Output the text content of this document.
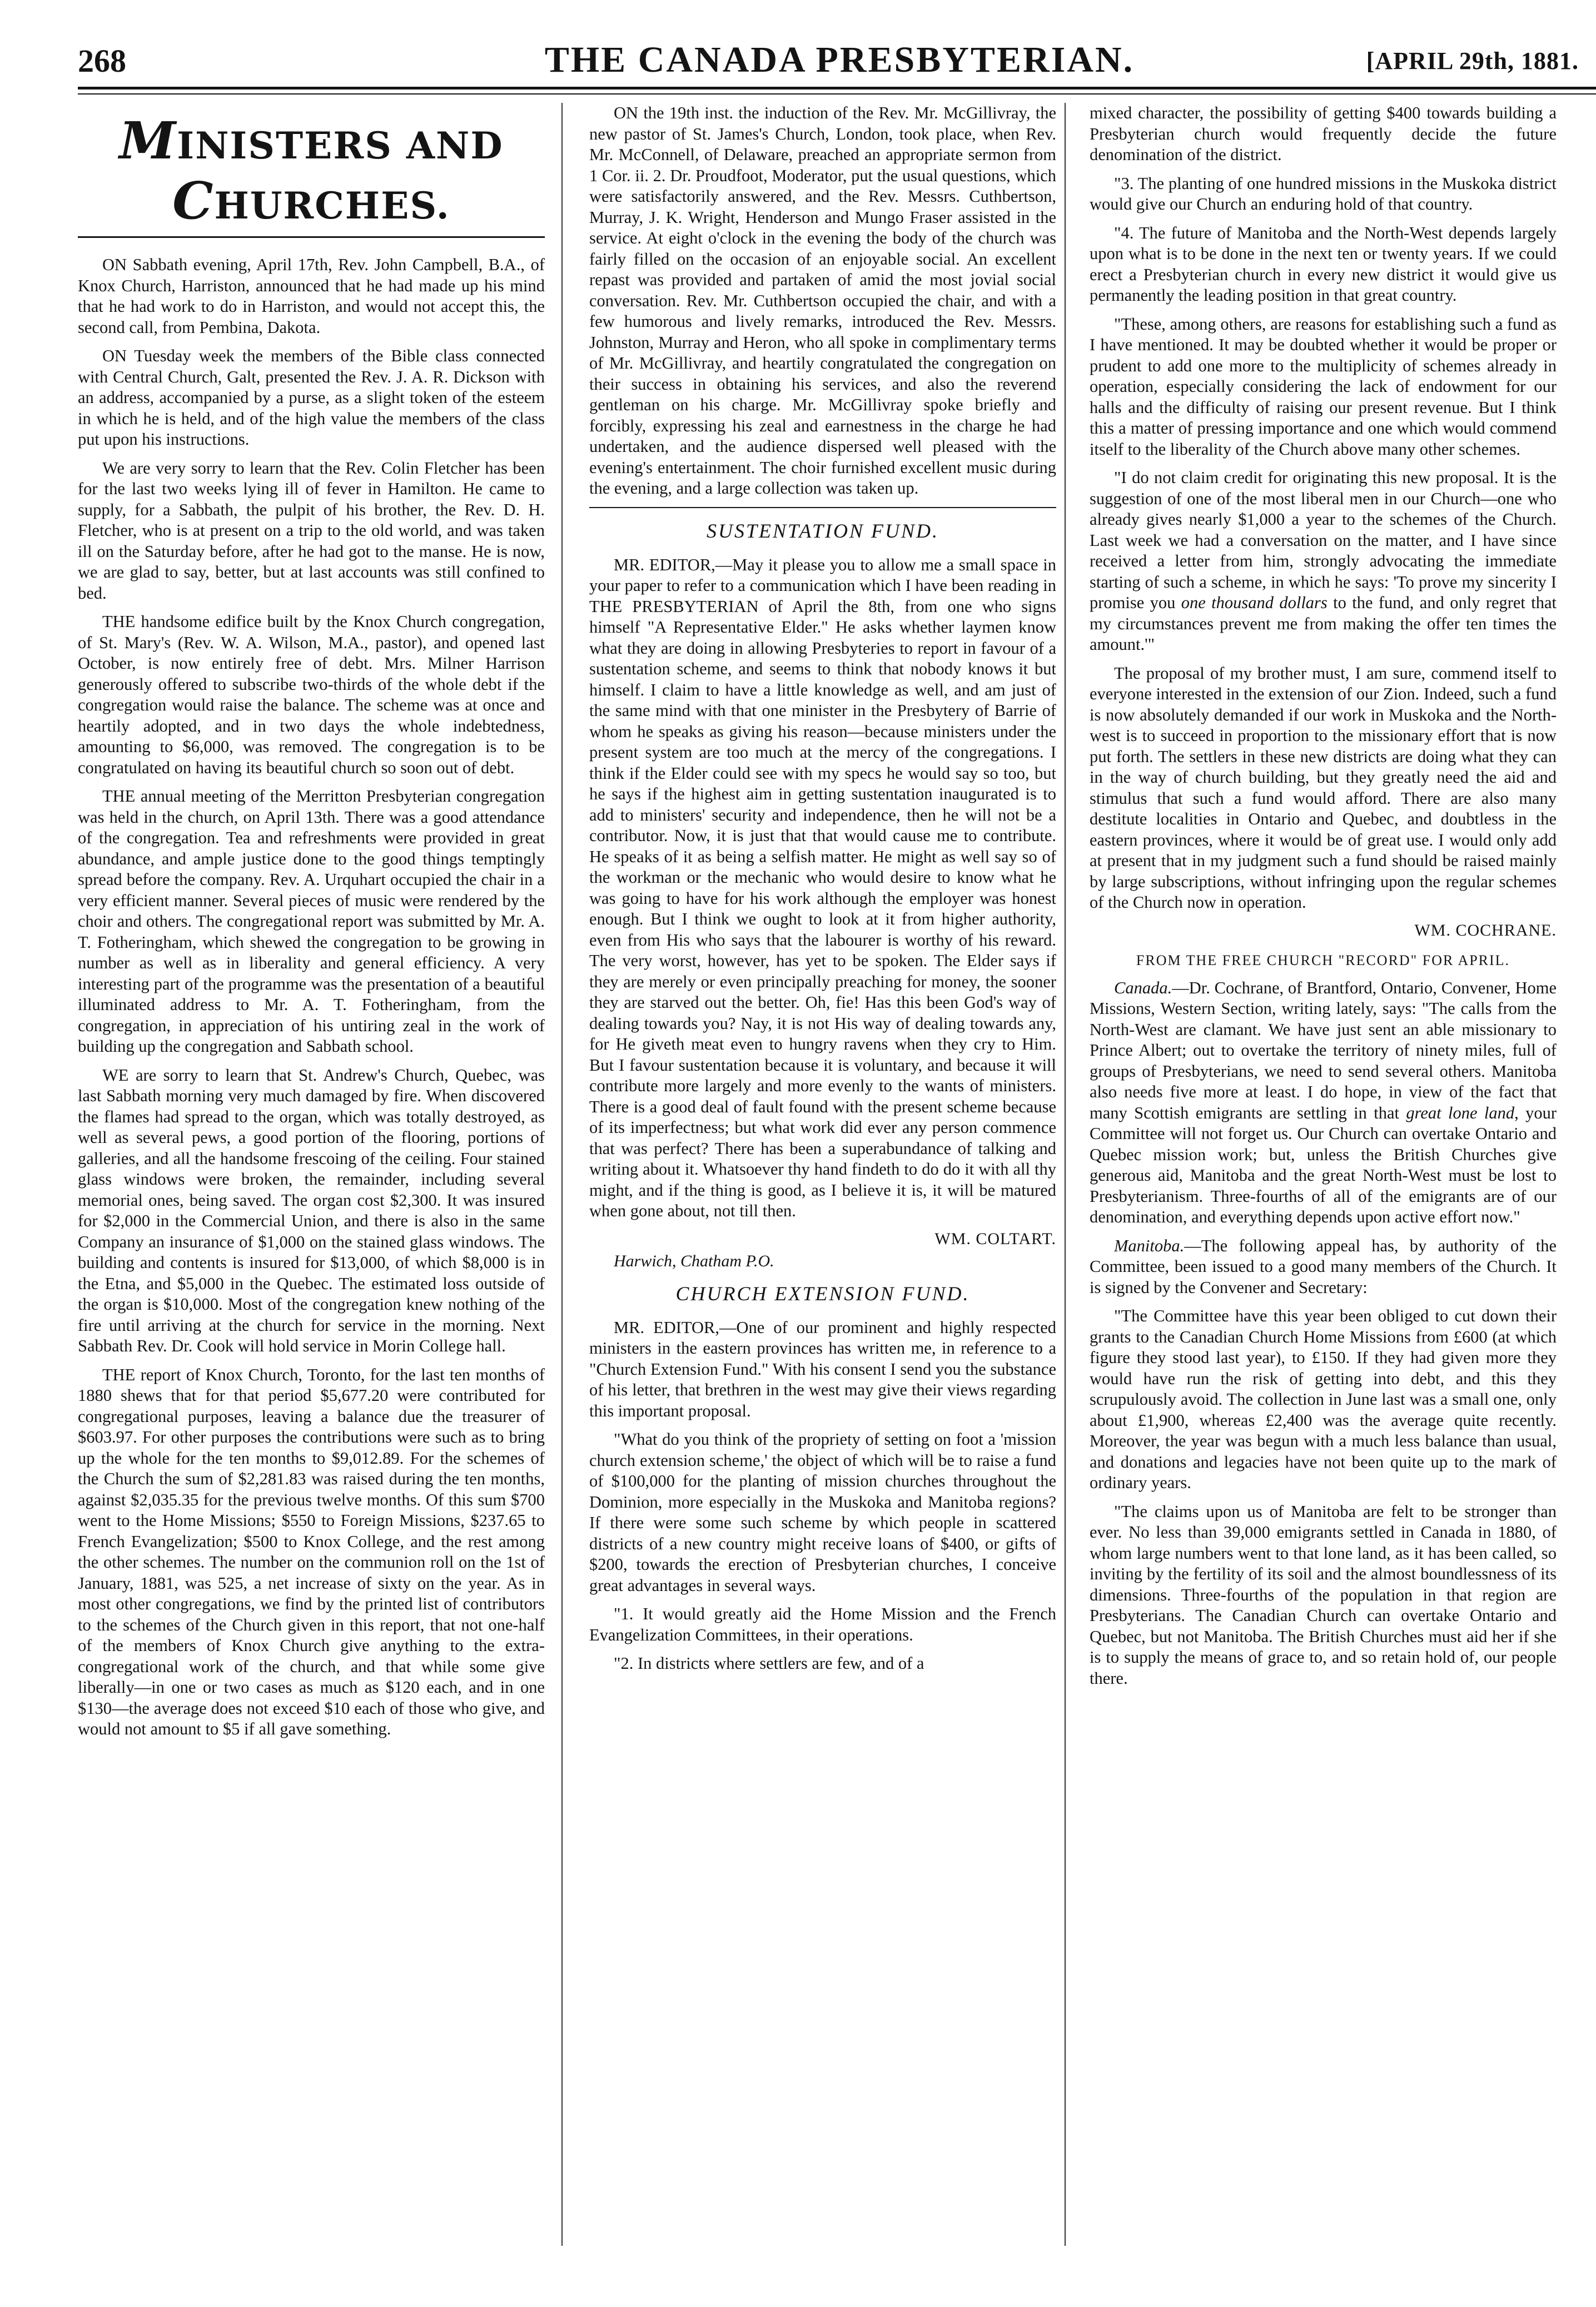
268	THE CANADA PRESBYTERIAN.	[APRIL 29th, 1881.
MINISTERS AND CHURCHES.

ON Sabbath evening, April 17th, Rev. John Campbell, B.A., of Knox Church, Harriston, announced that he had made up his mind that he had work to do in Harriston, and would not accept this, the second call, from Pembina, Dakota.

ON Tuesday week the members of the Bible class connected with Central Church, Galt, presented the Rev. J. A. R. Dickson with an address, accompanied by a purse, as a slight token of the esteem in which he is held, and of the high value the members of the class put upon his instructions.

We are very sorry to learn that the Rev. Colin Fletcher has been for the last two weeks lying ill of fever in Hamilton. He came to supply, for a Sabbath, the pulpit of his brother, the Rev. D. H. Fletcher, who is at present on a trip to the old world, and was taken ill on the Saturday before, after he had got to the manse. He is now, we are glad to say, better, but at last accounts was still confined to bed.

THE handsome edifice built by the Knox Church congregation, of St. Mary's (Rev. W. A. Wilson, M.A., pastor), and opened last October, is now entirely free of debt. Mrs. Milner Harrison generously offered to subscribe two-thirds of the whole debt if the congregation would raise the balance. The scheme was at once and heartily adopted, and in two days the whole indebtedness, amounting to $6,000, was removed. The congregation is to be congratulated on having its beautiful church so soon out of debt.

THE annual meeting of the Merritton Presbyterian congregation was held in the church, on April 13th. There was a good attendance of the congregation. Tea and refreshments were provided in great abundance, and ample justice done to the good things temptingly spread before the company. Rev. A. Urquhart occupied the chair in a very efficient manner. Several pieces of music were rendered by the choir and others. The congregational report was submitted by Mr. A. T. Fotheringham, which shewed the congregation to be growing in number as well as in liberality and general efficiency. A very interesting part of the programme was the presentation of a beautiful illuminated address to Mr. A. T. Fotheringham, from the congregation, in appreciation of his untiring zeal in the work of building up the congregation and Sabbath school.

WE are sorry to learn that St. Andrew's Church, Quebec, was last Sabbath morning very much damaged by fire. When discovered the flames had spread to the organ, which was totally destroyed, as well as several pews, a good portion of the flooring, portions of galleries, and all the handsome frescoing of the ceiling. Four stained glass windows were broken, the remainder, including several memorial ones, being saved. The organ cost $2,300. It was insured for $2,000 in the Commercial Union, and there is also in the same Company an insurance of $1,000 on the stained glass windows. The building and contents is insured for $13,000, of which $8,000 is in the Etna, and $5,000 in the Quebec. The estimated loss outside of the organ is $10,000. Most of the congregation knew nothing of the fire until arriving at the church for service in the morning. Next Sabbath Rev. Dr. Cook will hold service in Morin College hall.

THE report of Knox Church, Toronto, for the last ten months of 1880 shews that for that period $5,677.20 were contributed for congregational purposes, leaving a balance due the treasurer of $603.97. For other purposes the contributions were such as to bring up the whole for the ten months to $9,012.89. For the schemes of the Church the sum of $2,281.83 was raised during the ten months, against $2,035.35 for the previous twelve months. Of this sum $700 went to the Home Missions; $550 to Foreign Missions, $237.65 to French Evangelization; $500 to Knox College, and the rest among the other schemes. The number on the communion roll on the 1st of January, 1881, was 525, a net increase of sixty on the year. As in most other congregations, we find by the printed list of contributors to the schemes of the Church given in this report, that not one-half of the members of Knox Church give anything to the extra-congregational work of the church, and that while some give liberally—in one or two cases as much as $120 each, and in one $130—the average does not exceed $10 each of those who give, and would not amount to $5 if all gave something.

ON the 19th inst. the induction of the Rev. Mr. McGillivray, the new pastor of St. James's Church, London, took place, when Rev. Mr. McConnell, of Delaware, preached an appropriate sermon from 1 Cor. ii. 2. Dr. Proudfoot, Moderator, put the usual questions, which were satisfactorily answered, and the Rev. Messrs. Cuthbertson, Murray, J. K. Wright, Henderson and Mungo Fraser assisted in the service. At eight o'clock in the evening the body of the church was fairly filled on the occasion of an enjoyable social. An excellent repast was provided and partaken of amid the most jovial social conversation. Rev. Mr. Cuthbertson occupied the chair, and with a few humorous and lively remarks, introduced the Rev. Messrs. Johnston, Murray and Heron, who all spoke in complimentary terms of Mr. McGillivray, and heartily congratulated the congregation on their success in obtaining his services, and also the reverend gentleman on his charge. Mr. McGillivray spoke briefly and forcibly, expressing his zeal and earnestness in the charge he had undertaken, and the audience dispersed well pleased with the evening's entertainment. The choir furnished excellent music during the evening, and a large collection was taken up.

SUSTENTATION FUND.

MR. EDITOR,—May it please you to allow me a small space in your paper to refer to a communication which I have been reading in THE PRESBYTERIAN of April the 8th, from one who signs himself "A Representative Elder." He asks whether laymen know what they are doing in allowing Presbyteries to report in favour of a sustentation scheme, and seems to think that nobody knows it but himself. I claim to have a little knowledge as well, and am just of the same mind with that one minister in the Presbytery of Barrie of whom he speaks as giving his reason—because ministers under the present system are too much at the mercy of the congregations. I think if the Elder could see with my specs he would say so too, but he says if the highest aim in getting sustentation inaugurated is to add to ministers' security and independence, then he will not be a contributor. Now, it is just that that would cause me to contribute. He speaks of it as being a selfish matter. He might as well say so of the workman or the mechanic who would desire to know what he was going to have for his work although the employer was honest enough. But I think we ought to look at it from higher authority, even from His who says that the labourer is worthy of his reward. The very worst, however, has yet to be spoken. The Elder says if they are merely or even principally preaching for money, the sooner they are starved out the better. Oh, fie! Has this been God's way of dealing towards you? Nay, it is not His way of dealing towards any, for He giveth meat even to hungry ravens when they cry to Him. But I favour sustentation because it is voluntary, and because it will contribute more largely and more evenly to the wants of ministers. There is a good deal of fault found with the present scheme because of its imperfectness; but what work did ever any person commence that was perfect? There has been a superabundance of talking and writing about it. Whatsoever thy hand findeth to do do it with all thy might, and if the thing is good, as I believe it is, it will be matured when gone about, not till then.

WM. COLTART.
Harwich, Chatham P.O.
CHURCH EXTENSION FUND.

MR. EDITOR,—One of our prominent and highly respected ministers in the eastern provinces has written me, in reference to a "Church Extension Fund." With his consent I send you the substance of his letter, that brethren in the west may give their views regarding this important proposal.

"What do you think of the propriety of setting on foot a 'mission church extension scheme,' the object of which will be to raise a fund of $100,000 for the planting of mission churches throughout the Dominion, more especially in the Muskoka and Manitoba regions? If there were some such scheme by which people in scattered districts of a new country might receive loans of $400, or gifts of $200, towards the erection of Presbyterian churches, I conceive great advantages in several ways.

"1. It would greatly aid the Home Mission and the French Evangelization Committees, in their operations.

"2. In districts where settlers are few, and of a

mixed character, the possibility of getting $400 towards building a Presbyterian church would frequently decide the future denomination of the district.

"3. The planting of one hundred missions in the Muskoka district would give our Church an enduring hold of that country.

"4. The future of Manitoba and the North-West depends largely upon what is to be done in the next ten or twenty years. If we could erect a Presbyterian church in every new district it would give us permanently the leading position in that great country.

"These, among others, are reasons for establishing such a fund as I have mentioned. It may be doubted whether it would be proper or prudent to add one more to the multiplicity of schemes already in operation, especially considering the lack of endowment for our halls and the difficulty of raising our present revenue. But I think this a matter of pressing importance and one which would commend itself to the liberality of the Church above many other schemes.

"I do not claim credit for originating this new proposal. It is the suggestion of one of the most liberal men in our Church—one who already gives nearly $1,000 a year to the schemes of the Church. Last week we had a conversation on the matter, and I have since received a letter from him, strongly advocating the immediate starting of such a scheme, in which he says: 'To prove my sincerity I promise you one thousand dollars to the fund, and only regret that my circumstances prevent me from making the offer ten times the amount.'"

The proposal of my brother must, I am sure, commend itself to everyone interested in the extension of our Zion. Indeed, such a fund is now absolutely demanded if our work in Muskoka and the North-west is to succeed in proportion to the missionary effort that is now put forth. The settlers in these new districts are doing what they can in the way of church building, but they greatly need the aid and stimulus that such a fund would afford. There are also many destitute localities in Ontario and Quebec, and doubtless in the eastern provinces, where it would be of great use. I would only add at present that in my judgment such a fund should be raised mainly by large subscriptions, without infringing upon the regular schemes of the Church now in operation.

WM. COCHRANE.
FROM THE FREE CHURCH "RECORD" FOR APRIL.

Canada.—Dr. Cochrane, of Brantford, Ontario, Convener, Home Missions, Western Section, writing lately, says: "The calls from the North-West are clamant. We have just sent an able missionary to Prince Albert; out to overtake the territory of ninety miles, full of groups of Presbyterians, we need to send several others. Manitoba also needs five more at least. I do hope, in view of the fact that many Scottish emigrants are settling in that great lone land, your Committee will not forget us. Our Church can overtake Ontario and Quebec mission work; but, unless the British Churches give generous aid, Manitoba and the great North-West must be lost to Presbyterianism. Three-fourths of all of the emigrants are of our denomination, and everything depends upon active effort now."

Manitoba.—The following appeal has, by authority of the Committee, been issued to a good many members of the Church. It is signed by the Convener and Secretary:

"The Committee have this year been obliged to cut down their grants to the Canadian Church Home Missions from £600 (at which figure they stood last year), to £150. If they had given more they would have run the risk of getting into debt, and this they scrupulously avoid. The collection in June last was a small one, only about £1,900, whereas £2,400 was the average quite recently. Moreover, the year was begun with a much less balance than usual, and donations and legacies have not been quite up to the mark of ordinary years.

"The claims upon us of Manitoba are felt to be stronger than ever. No less than 39,000 emigrants settled in Canada in 1880, of whom large numbers went to that lone land, as it has been called, so inviting by the fertility of its soil and the almost boundlessness of its dimensions. Three-fourths of the population in that region are Presbyterians. The Canadian Church can overtake Ontario and Quebec, but not Manitoba. The British Churches must aid her if she is to supply the means of grace to, and so retain hold of, our people there.
